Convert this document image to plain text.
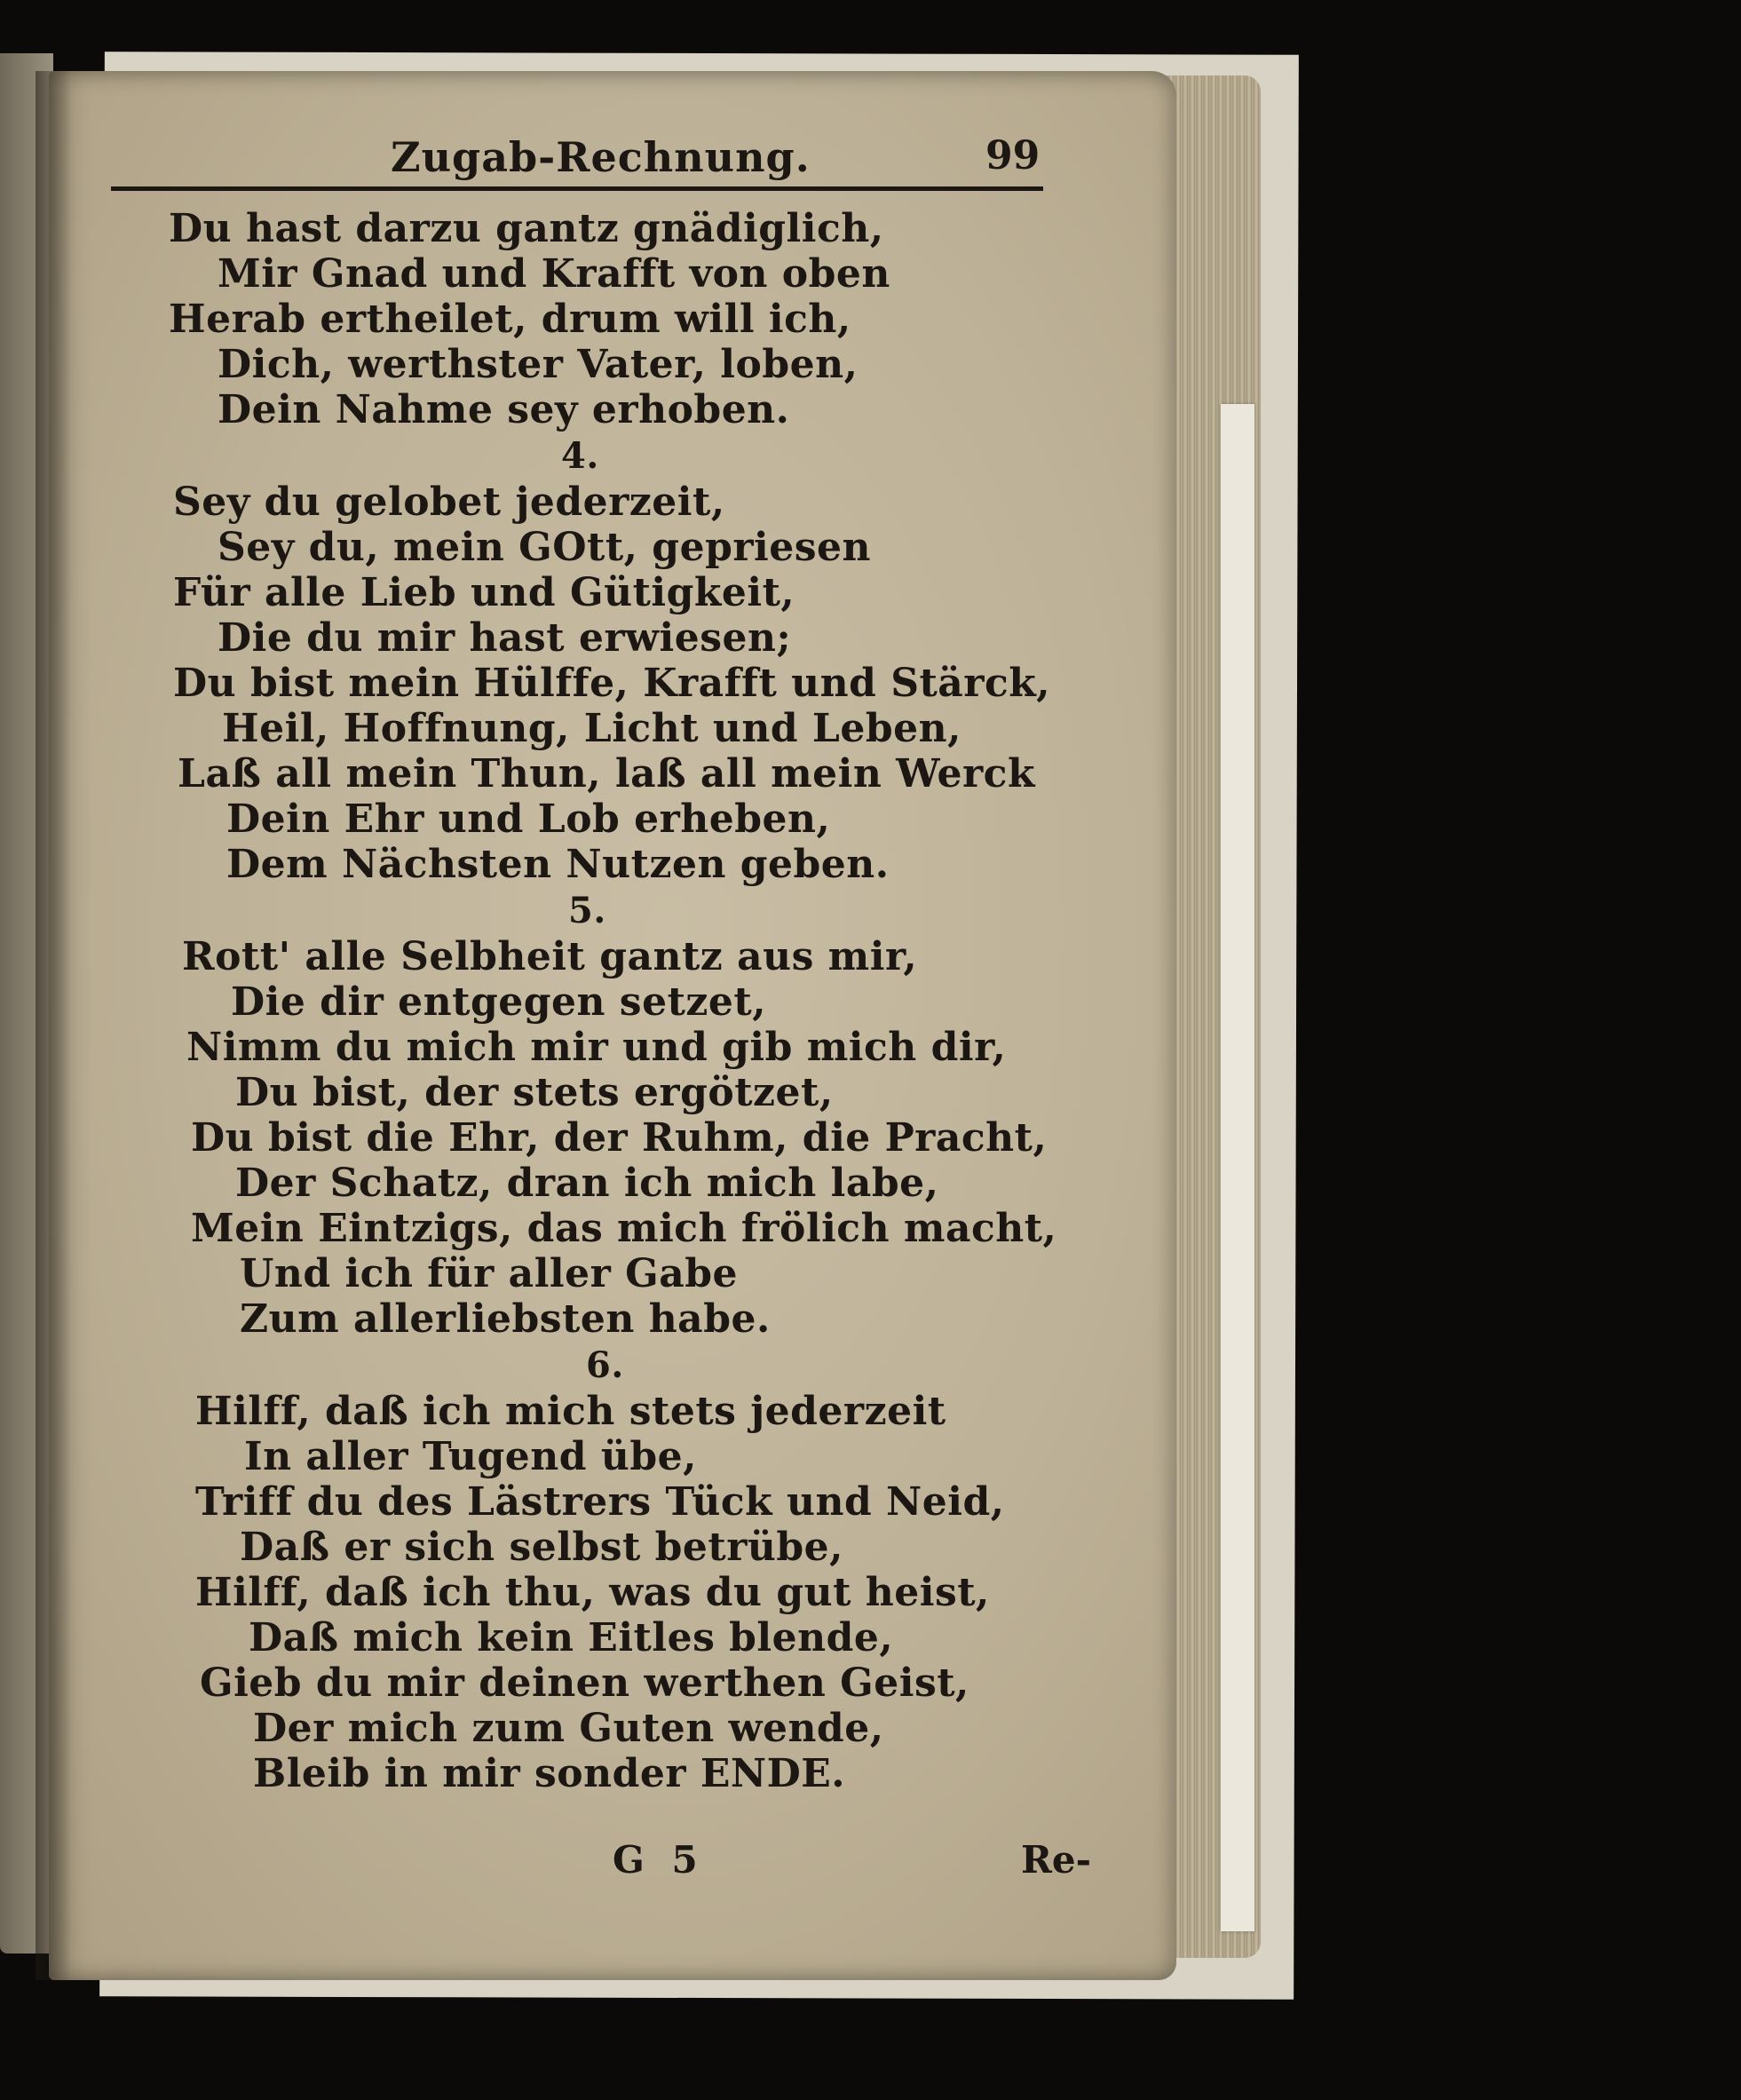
Zugab-Rechnung.	99
Du hast darzu gantz gnädiglich,
Mir Gnad und Krafft von oben
Herab ertheilet, drum will ich,
Dich, werthster Vater, loben,
Dein Nahme sey erhoben.
4.
Sey du gelobet jederzeit,
Sey du, mein GOtt, gepriesen
Für alle Lieb und Gütigkeit,
Die du mir hast erwiesen;
Du bist mein Hülffe, Krafft und Stärck,
Heil, Hoffnung, Licht und Leben,
Laß all mein Thun, laß all mein Werck
Dein Ehr und Lob erheben,
Dem Nächsten Nutzen geben.
5.
Rott' alle Selbheit gantz aus mir,
Die dir entgegen setzet,
Nimm du mich mir und gib mich dir,
Du bist, der stets ergötzet,
Du bist die Ehr, der Ruhm, die Pracht,
Der Schatz, dran ich mich labe,
Mein Eintzigs, das mich frölich macht,
Und ich für aller Gabe
Zum allerliebsten habe.
6.
Hilff, daß ich mich stets jederzeit
In aller Tugend übe,
Triff du des Lästrers Tück und Neid,
Daß er sich selbst betrübe,
Hilff, daß ich thu, was du gut heist,
Daß mich kein Eitles blende,
Gieb du mir deinen werthen Geist,
Der mich zum Guten wende,
Bleib in mir sonder ENDE.
G 5	Re-
